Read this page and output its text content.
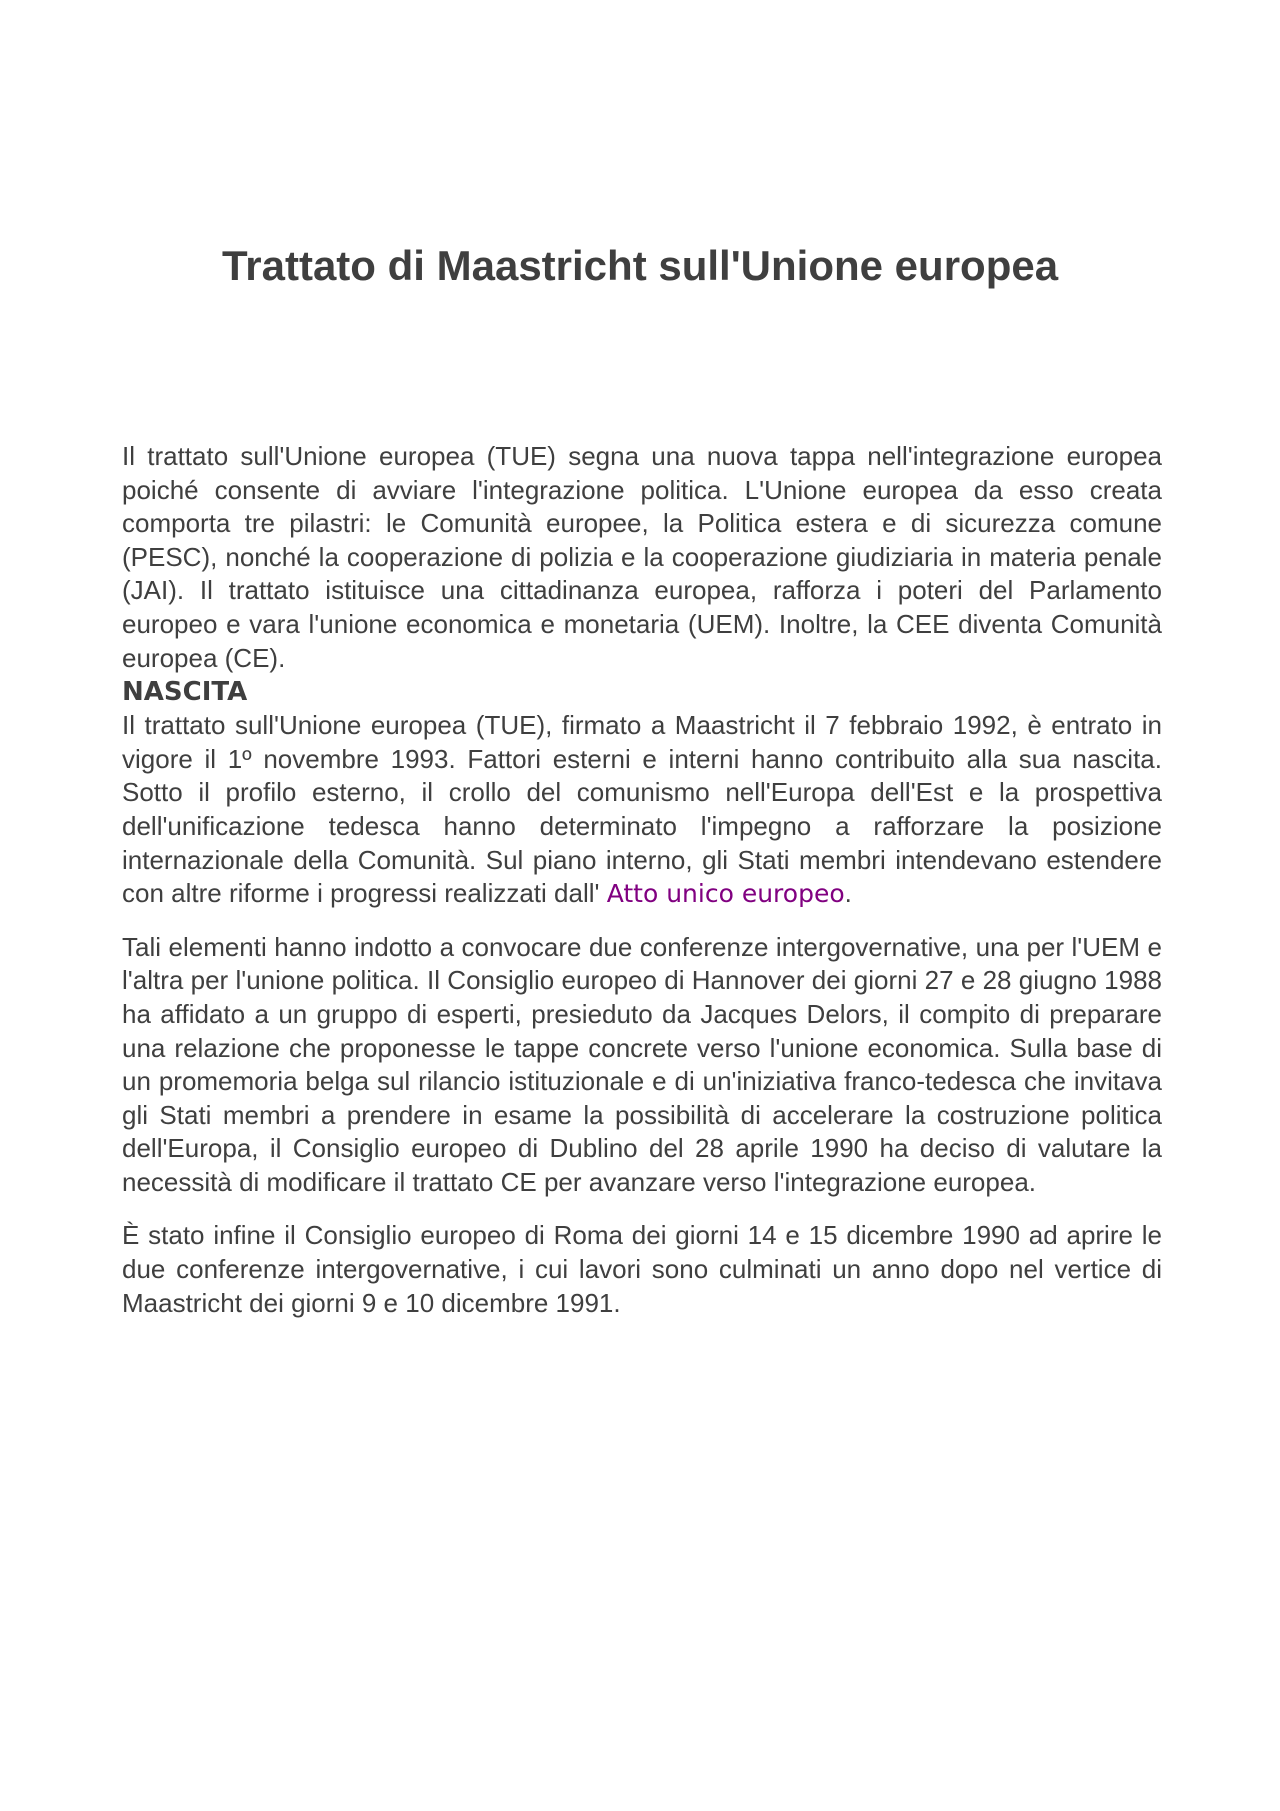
Trattato di Maastricht sull'Unione europea

Il trattato sull'Unione europea (TUE) segna una nuova tappa nell'integrazione europea poiché consente di avviare l'integrazione politica. L'Unione europea da esso creata comporta tre pilastri: le Comunità europee, la Politica estera e di sicurezza comune (PESC), nonché la cooperazione di polizia e la cooperazione giudiziaria in materia penale (JAI). Il trattato istituisce una cittadinanza europea, rafforza i poteri del Parlamento europeo e vara l'unione economica e monetaria (UEM). Inoltre, la CEE diventa Comunità europea (CE).

NASCITA

Il trattato sull'Unione europea (TUE), firmato a Maastricht il 7 febbraio 1992, è entrato in vigore il 1º novembre 1993. Fattori esterni e interni hanno contribuito alla sua nascita. Sotto il profilo esterno, il crollo del comunismo nell'Europa dell'Est e la prospettiva dell'unificazione tedesca hanno determinato l'impegno a rafforzare la posizione internazionale della Comunità. Sul piano interno, gli Stati membri intendevano estendere con altre riforme i progressi realizzati dall' Atto unico europeo.

Tali elementi hanno indotto a convocare due conferenze intergovernative, una per l'UEM e l'altra per l'unione politica. Il Consiglio europeo di Hannover dei giorni 27 e 28 giugno 1988 ha affidato a un gruppo di esperti, presieduto da Jacques Delors, il compito di preparare una relazione che proponesse le tappe concrete verso l'unione economica. Sulla base di un promemoria belga sul rilancio istituzionale e di un'iniziativa franco-tedesca che invitava gli Stati membri a prendere in esame la possibilità di accelerare la costruzione politica dell'Europa, il Consiglio europeo di Dublino del 28 aprile 1990 ha deciso di valutare la necessità di modificare il trattato CE per avanzare verso l'integrazione europea.

È stato infine il Consiglio europeo di Roma dei giorni 14 e 15 dicembre 1990 ad aprire le due conferenze intergovernative, i cui lavori sono culminati un anno dopo nel vertice di Maastricht dei giorni 9 e 10 dicembre 1991.
